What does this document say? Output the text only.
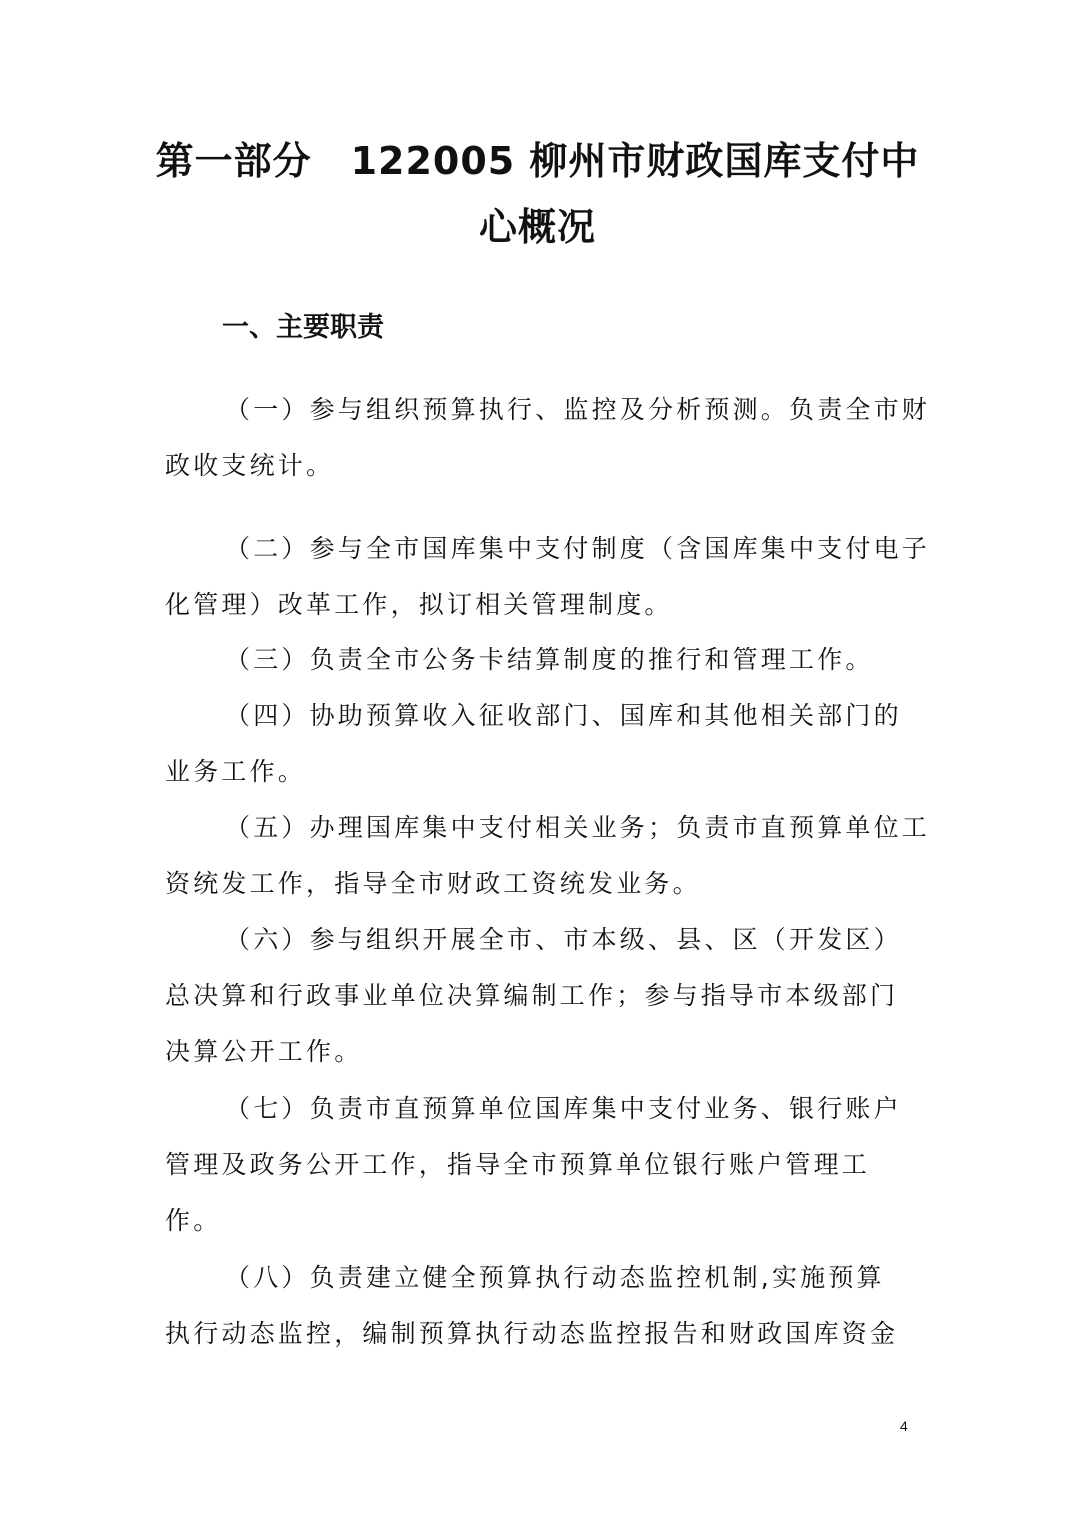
第一部分　122005 柳州市财政国库支付中
心概况
一、主要职责
（一）参与组织预算执行、监控及分析预测。负责全市财
政收支统计。
（二）参与全市国库集中支付制度（含国库集中支付电子
化管理）改革工作，拟订相关管理制度。
（三）负责全市公务卡结算制度的推行和管理工作。
（四）协助预算收入征收部门、国库和其他相关部门的
业务工作。
（五）办理国库集中支付相关业务；负责市直预算单位工
资统发工作，指导全市财政工资统发业务。
（六）参与组织开展全市、市本级、县、区（开发区）
总决算和行政事业单位决算编制工作；参与指导市本级部门
决算公开工作。
（七）负责市直预算单位国库集中支付业务、银行账户
管理及政务公开工作，指导全市预算单位银行账户管理工
作。
（八）负责建立健全预算执行动态监控机制,实施预算
执行动态监控，编制预算执行动态监控报告和财政国库资金
4
